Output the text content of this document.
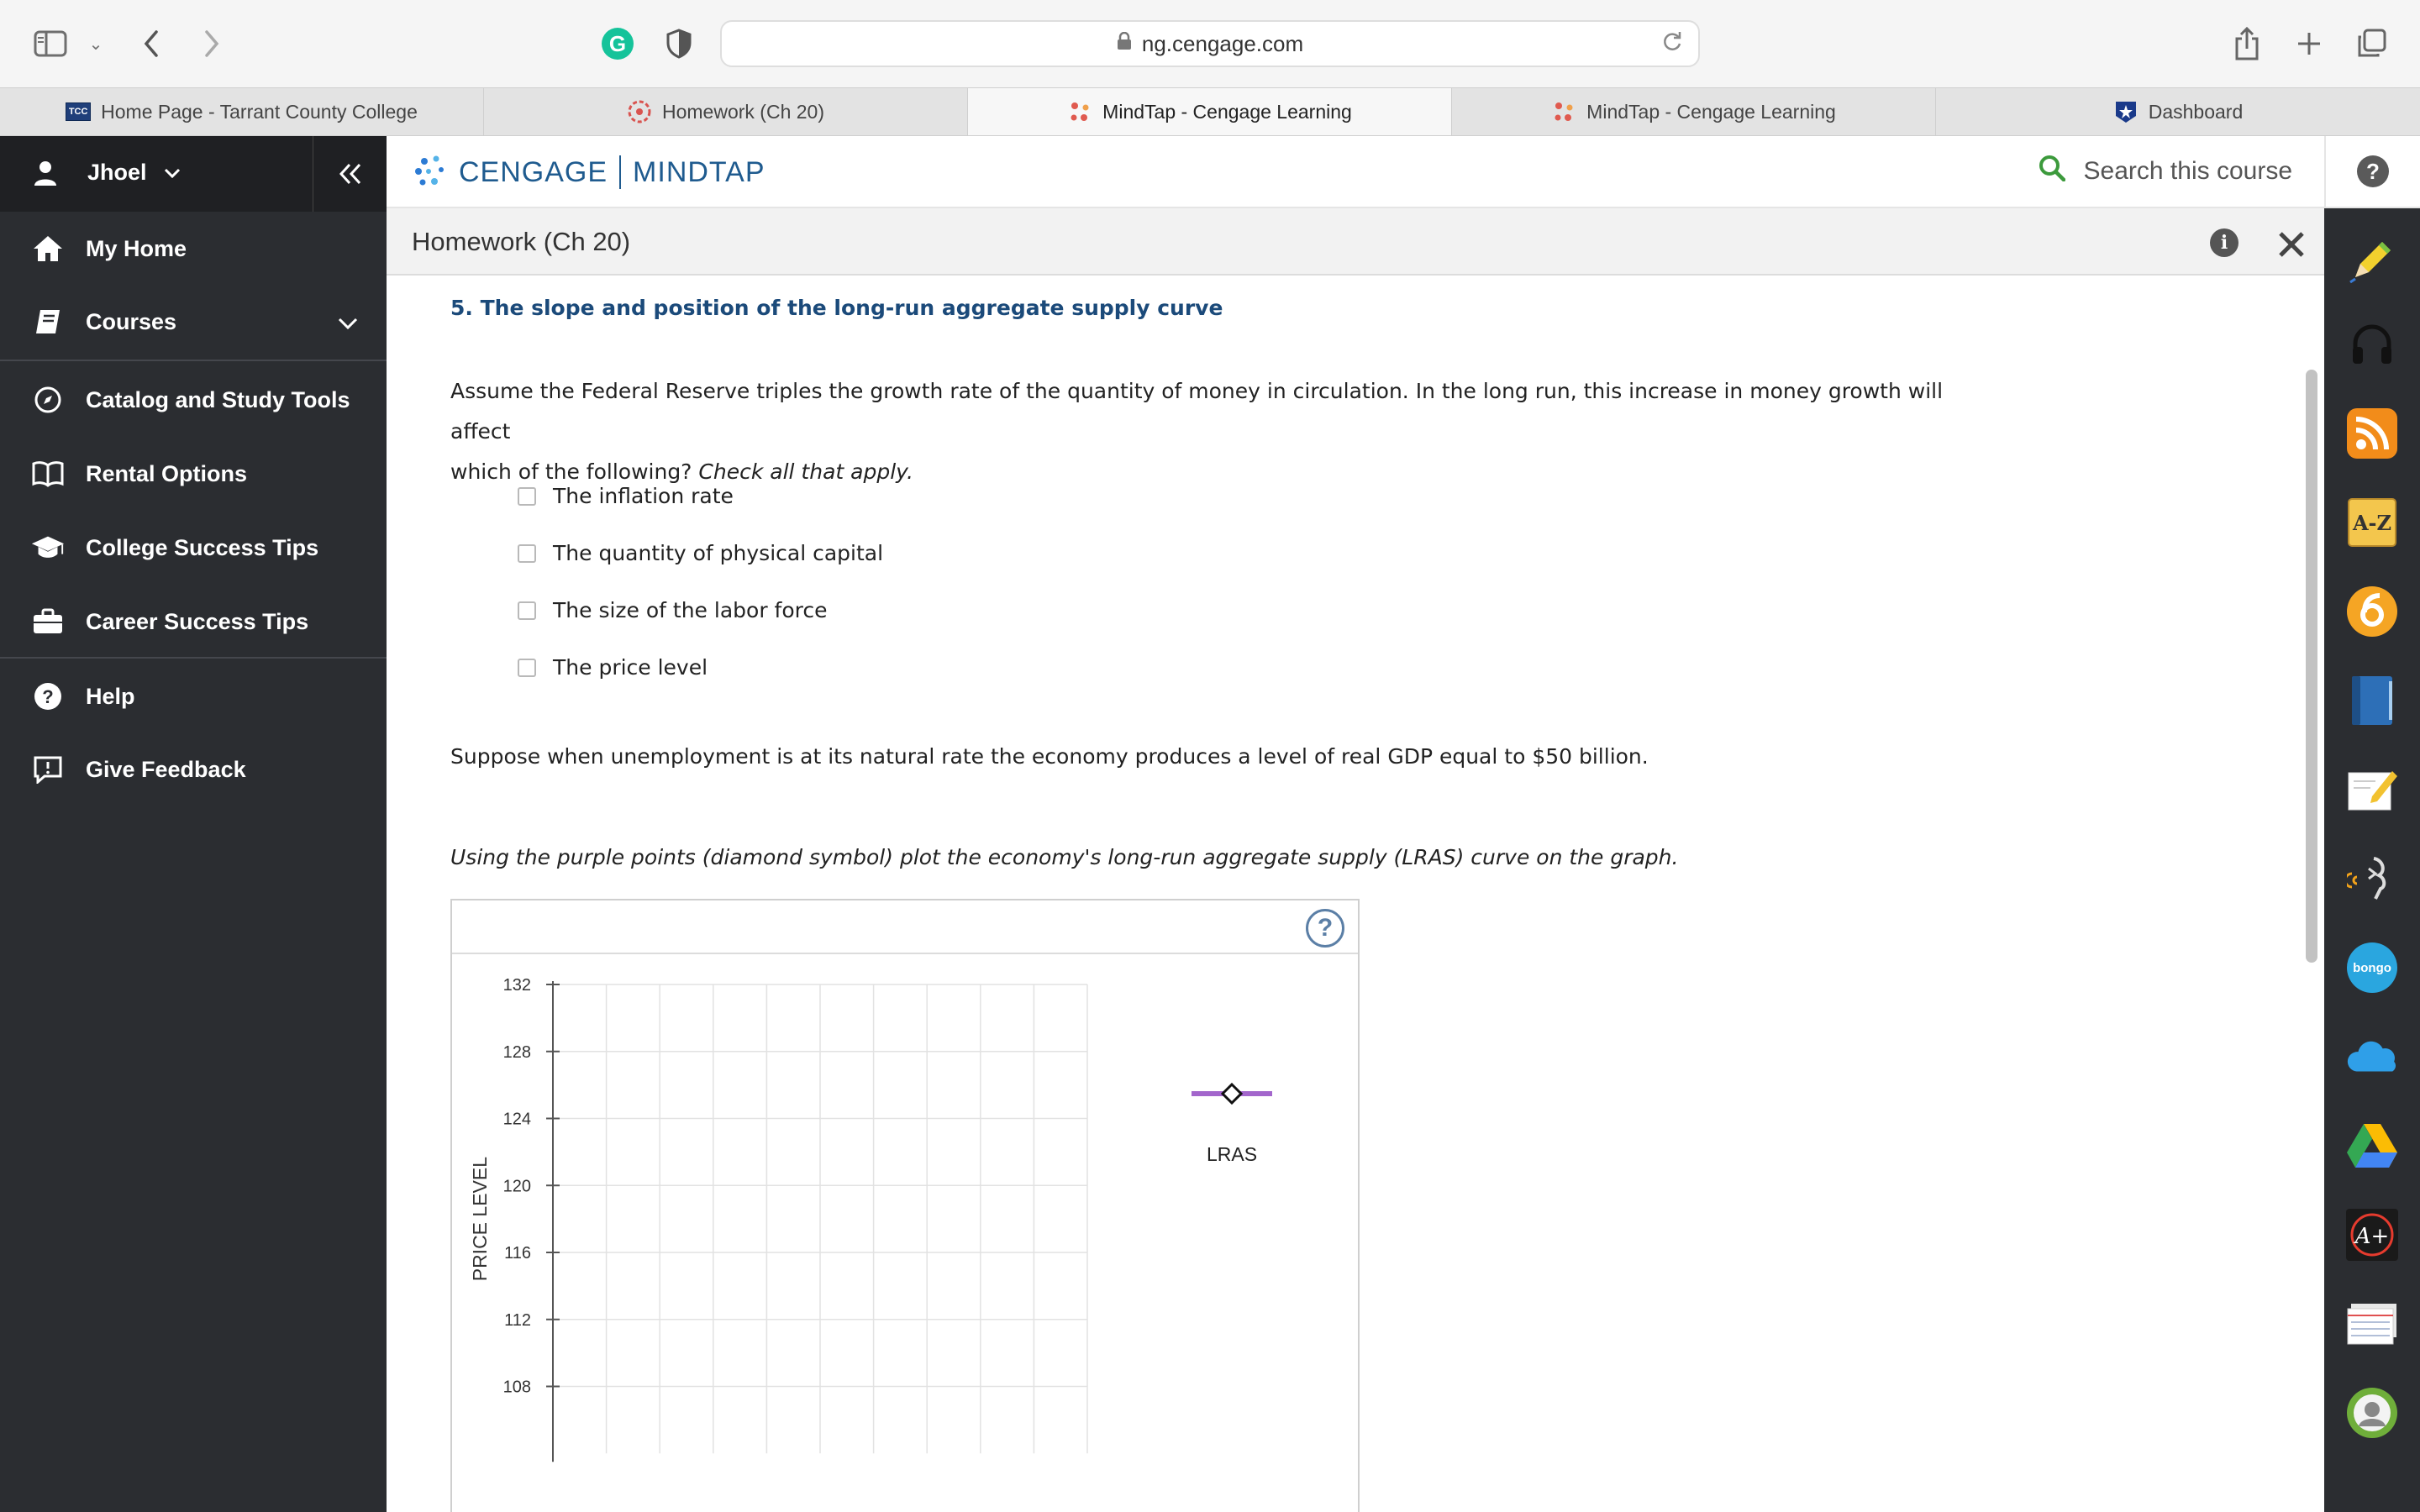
⌄	G	ng.cengage.com
TCC Home Page - Tarrant County College	Homework (Ch 20)	MindTap - Cengage Learning	MindTap - Cengage Learning	Dashboard
Jhoel
My Home
Courses
Catalog and Study Tools
Rental Options
College Success Tips
Career Success Tips
? Help
Give Feedback
CENGAGE MINDTAP	Search this course	?
Homework (Ch 20)	i
5. The slope and position of the long-run aggregate supply curve
Assume the Federal Reserve triples the growth rate of the quantity of money in circulation. In the long run, this increase in money growth will affect
which of the following? Check all that apply.
The inflation rate
The quantity of physical capital
The size of the labor force
The price level
Suppose when unemployment is at its natural rate the economy produces a level of real GDP equal to $50 billion.
Using the purple points (diamond symbol) plot the economy's long-run aggregate supply (LRAS) curve on the graph.
?
132
128
124
120
116
112
108
PRICE LEVEL
LRAS
A-Z
bongo
A+
